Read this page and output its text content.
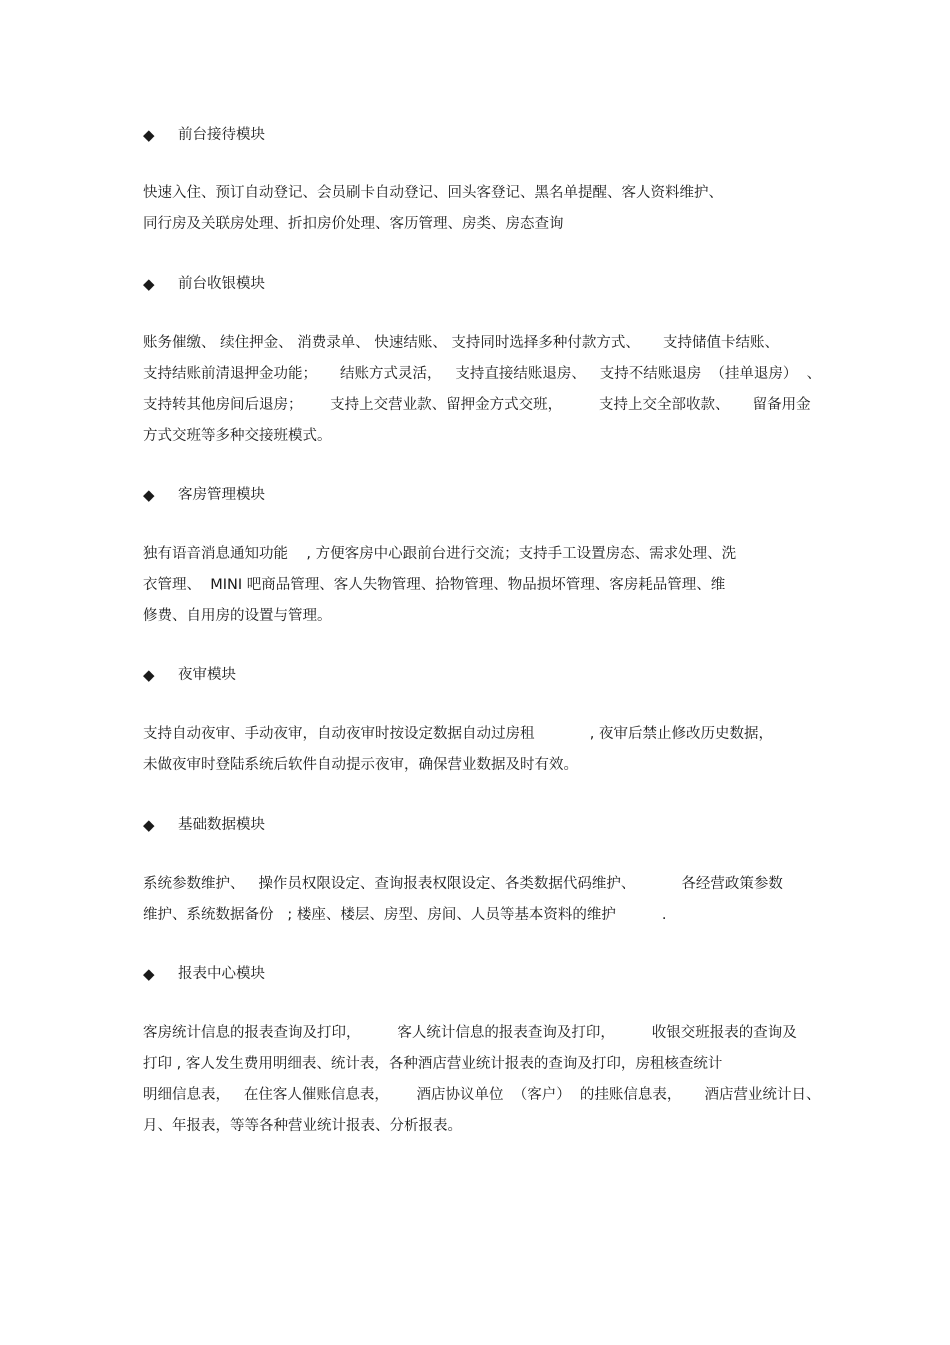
◆ 前台接待模块
快速入住、预订自动登记、会员刷卡自动登记、回头客登记、黑名单提醒、客人资料维护、
同行房及关联房处理、折扣房价处理、客历管理、房类、房态查询
◆ 前台收银模块
账务催缴、 续住押金、 消费录单、 快速结账、 支持同时选择多种付款方式、     支持储值卡结账、
支持结账前清退押金功能；     结账方式灵活，   支持直接结账退房、   支持不结账退房  （挂单退房）  、
支持转其他房间后退房；      支持上交营业款、留押金方式交班，        支持上交全部收款、     留备用金
方式交班等多种交接班模式。
◆ 客房管理模块
独有语音消息通知功能    , 方便客房中心跟前台进行交流；支持手工设置房态、需求处理、洗
衣管理、  MINI 吧商品管理、客人失物管理、拾物管理、物品损坏管理、客房耗品管理、维
修费、自用房的设置与管理。
◆ 夜审模块
支持自动夜审、手动夜审，自动夜审时按设定数据自动过房租            , 夜审后禁止修改历史数据，
未做夜审时登陆系统后软件自动提示夜审，确保营业数据及时有效。
◆ 基础数据模块
系统参数维护、   操作员权限设定、查询报表权限设定、各类数据代码维护、          各经营政策参数
维护、系统数据备份   ; 楼座、楼层、房型、房间、人员等基本资料的维护          .
◆ 报表中心模块
客房统计信息的报表查询及打印，        客人统计信息的报表查询及打印，        收银交班报表的查询及
打印 , 客人发生费用明细表、统计表，各种酒店营业统计报表的查询及打印，房租核查统计
明细信息表，   在住客人催账信息表，      酒店协议单位  （客户）  的挂账信息表，     酒店营业统计日、
月、年报表，等等各种营业统计报表、分析报表。
